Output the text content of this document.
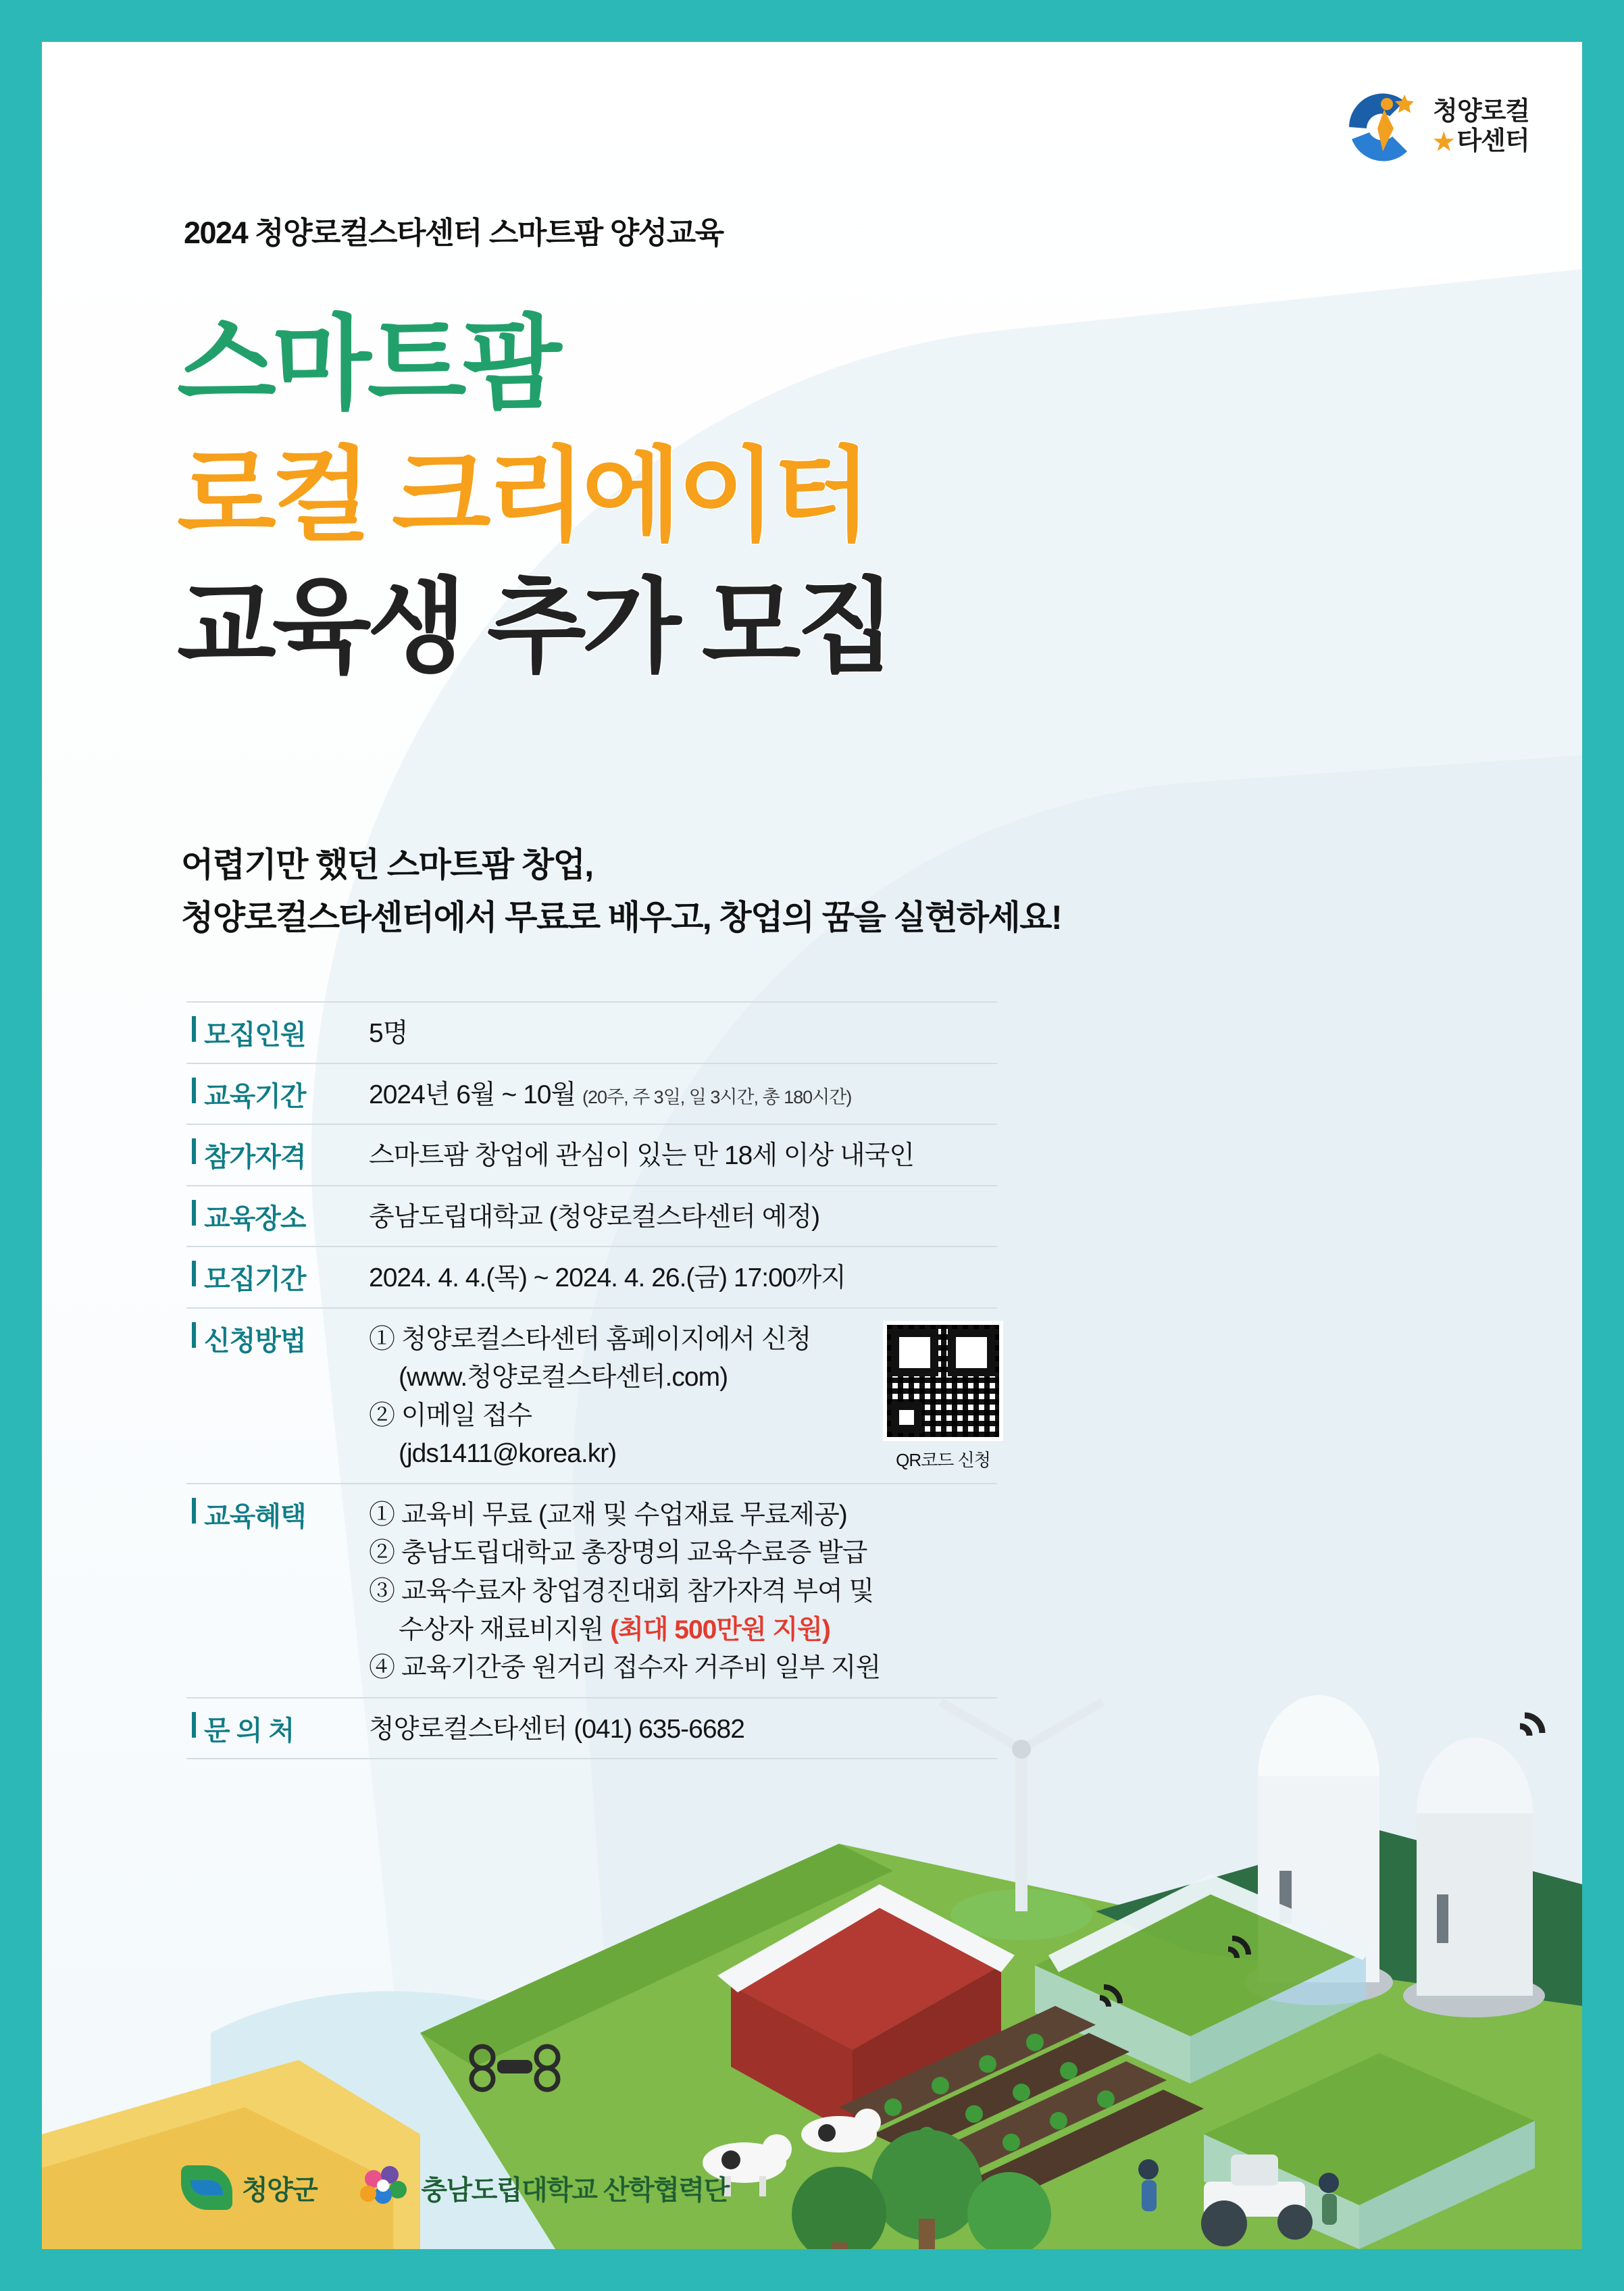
청양로컬
★ 타센터
2024 청양로컬스타센터 스마트팜 양성교육
스마트팜
로컬 크리에이터
교육생 추가 모집
어렵기만 했던 스마트팜 창업,
청양로컬스타센터에서 무료로 배우고, 창업의 꿈을 실현하세요!
모집인원 5명
교육기간 2024년 6월 ~ 10월 (20주, 주 3일, 일 3시간, 총 180시간)
참가자격 스마트팜 창업에 관심이 있는 만 18세 이상 내국인
교육장소 충남도립대학교 (청양로컬스타센터 예정)
모집기간 2024. 4. 4.(목) ~ 2024. 4. 26.(금) 17:00까지
신청방법 ① 청양로컬스타센터 홈페이지에서 신청
(www.청양로컬스타센터.com)
② 이메일 접수
(jds1411@korea.kr)	QR코드 신청
교육혜택 ① 교육비 무료 (교재 및 수업재료 무료제공)
② 충남도립대학교 총장명의 교육수료증 발급
③ 교육수료자 창업경진대회 참가자격 부여 및
수상자 재료비지원 (최대 500만원 지원)
④ 교육기간중 원거리 접수자 거주비 일부 지원
문 의 처	청양로컬스타센터 (041) 635-6682
청양군	충남도립대학교 산학협력단
